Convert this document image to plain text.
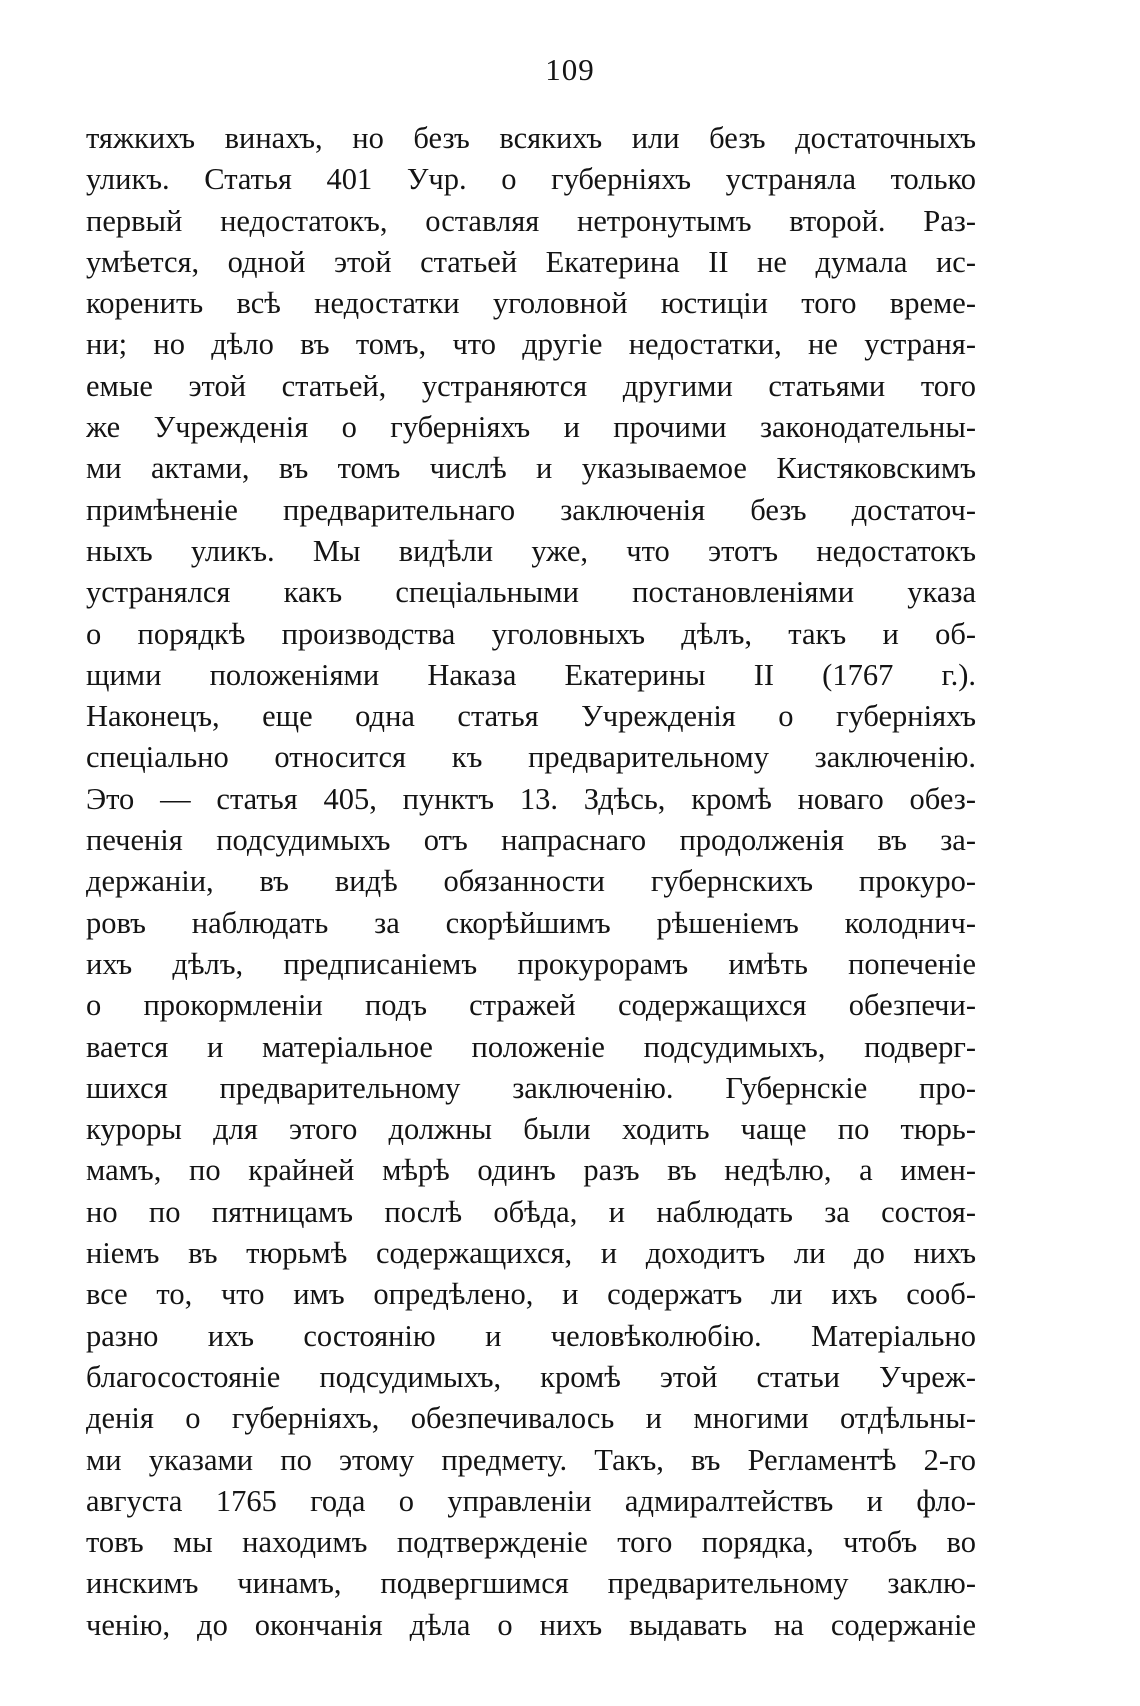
109
тяжкихъ винахъ, но безъ всякихъ или безъ достаточныхъ
уликъ. Статья 401 Учр. о губерніяхъ устраняла только
первый недостатокъ, оставляя нетронутымъ второй. Раз-
умѣется, одной этой статьей Екатерина II не думала ис-
коренить всѣ недостатки уголовной юстиціи того време-
ни; но дѣло въ томъ, что другіе недостатки, не устраня-
емые этой статьей, устраняются другими статьями того
же Учрежденія о губерніяхъ и прочими законодательны-
ми актами, въ томъ числѣ и указываемое Кистяковскимъ
примѣненіе предварительнаго заключенія безъ достаточ-
ныхъ уликъ. Мы видѣли уже, что этотъ недостатокъ
устранялся какъ спеціальными постановленіями указа
о порядкѣ производства уголовныхъ дѣлъ, такъ и об-
щими положеніями Наказа Екатерины II (1767 г.).
Наконецъ, еще одна статья Учрежденія о губерніяхъ
спеціально относится къ предварительному заключенію.
Это — статья 405, пунктъ 13. Здѣсь, кромѣ новаго обез-
печенія подсудимыхъ отъ напраснаго продолженія въ за-
держаніи, въ видѣ обязанности губернскихъ прокуро-
ровъ наблюдать за скорѣйшимъ рѣшеніемъ колоднич-
ихъ дѣлъ, предписаніемъ прокурорамъ имѣть попеченіе
о прокормленіи подъ стражей содержащихся обезпечи-
вается и матеріальное положеніе подсудимыхъ, подверг-
шихся предварительному заключенію. Губернскіе про-
куроры для этого должны были ходить чаще по тюрь-
мамъ, по крайней мѣрѣ одинъ разъ въ недѣлю, а имен-
но по пятницамъ послѣ обѣда, и наблюдать за состоя-
ніемъ въ тюрьмѣ содержащихся, и доходитъ ли до нихъ
все то, что имъ опредѣлено, и содержатъ ли ихъ сооб-
разно ихъ состоянію и человѣколюбію. Матеріально
благосостояніе подсудимыхъ, кромѣ этой статьи Учреж-
денія о губерніяхъ, обезпечивалось и многими отдѣльны-
ми указами по этому предмету. Такъ, въ Регламентѣ 2-го
августа 1765 года о управленіи адмиралтействъ и фло-
товъ мы находимъ подтвержденіе того порядка, чтобъ во
инскимъ чинамъ, подвергшимся предварительному заклю-
ченію, до окончанія дѣла о нихъ выдавать на содержаніе
